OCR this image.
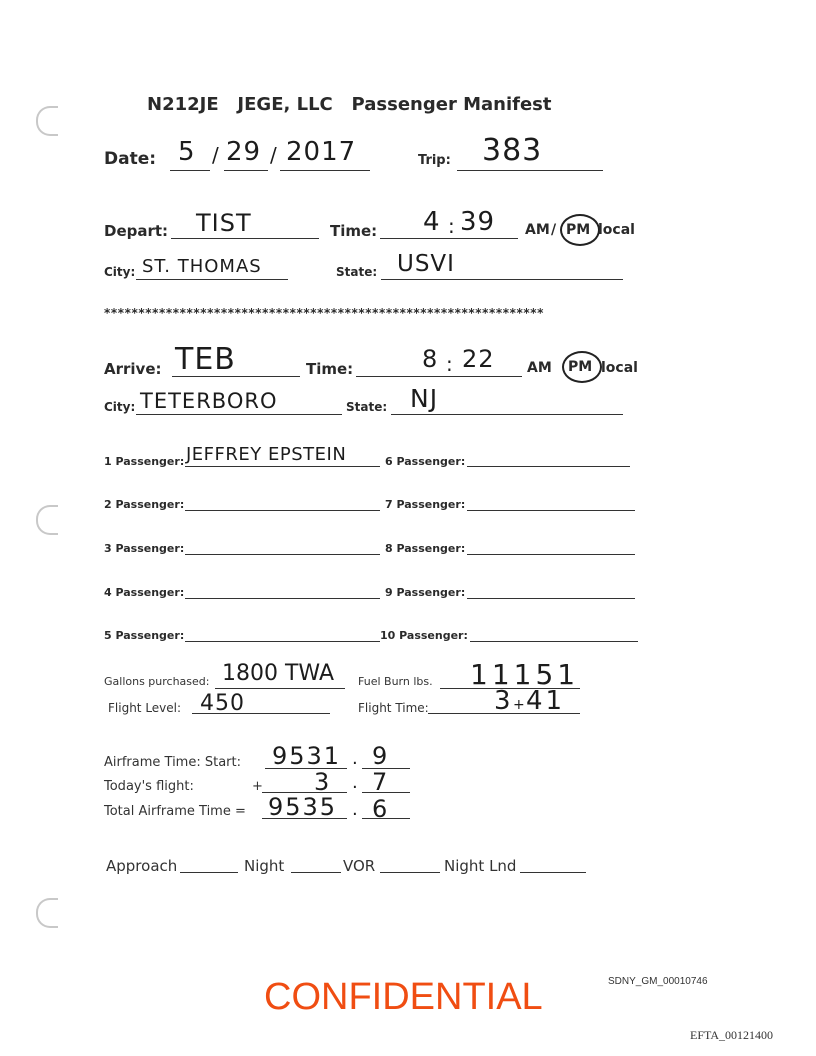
N212JE   JEGE, LLC   Passenger Manifest
Date: 5 / 29 / 2017	Trip: 383
Depart: TIST	Time: 4 : 39 AM / PM local
City: ST. THOMAS	State: USVI
****************************************************************
Arrive: TEB	Time:	8 : 22 AM PM local
City: TETERBORO	State: NJ
1 Passenger: JEFFREY EPSTEIN
2 Passenger:
3 Passenger:
4 Passenger:
5 Passenger:
6 Passenger:
7 Passenger:
8 Passenger:
9 Passenger:
10 Passenger:
Gallons purchased: 1800 TWA Fuel Burn lbs. 11151
Flight Level: 450	Flight Time:	3 + 41
Airframe Time: Start: 9531 . 9
Today's flight:	+ 3 . 7
Total Airframe Time = 9535 . 6
Approach	Night	VOR	Night Lnd
CONFIDENTIAL	SDNY_GM_00010746
EFTA_00121400
